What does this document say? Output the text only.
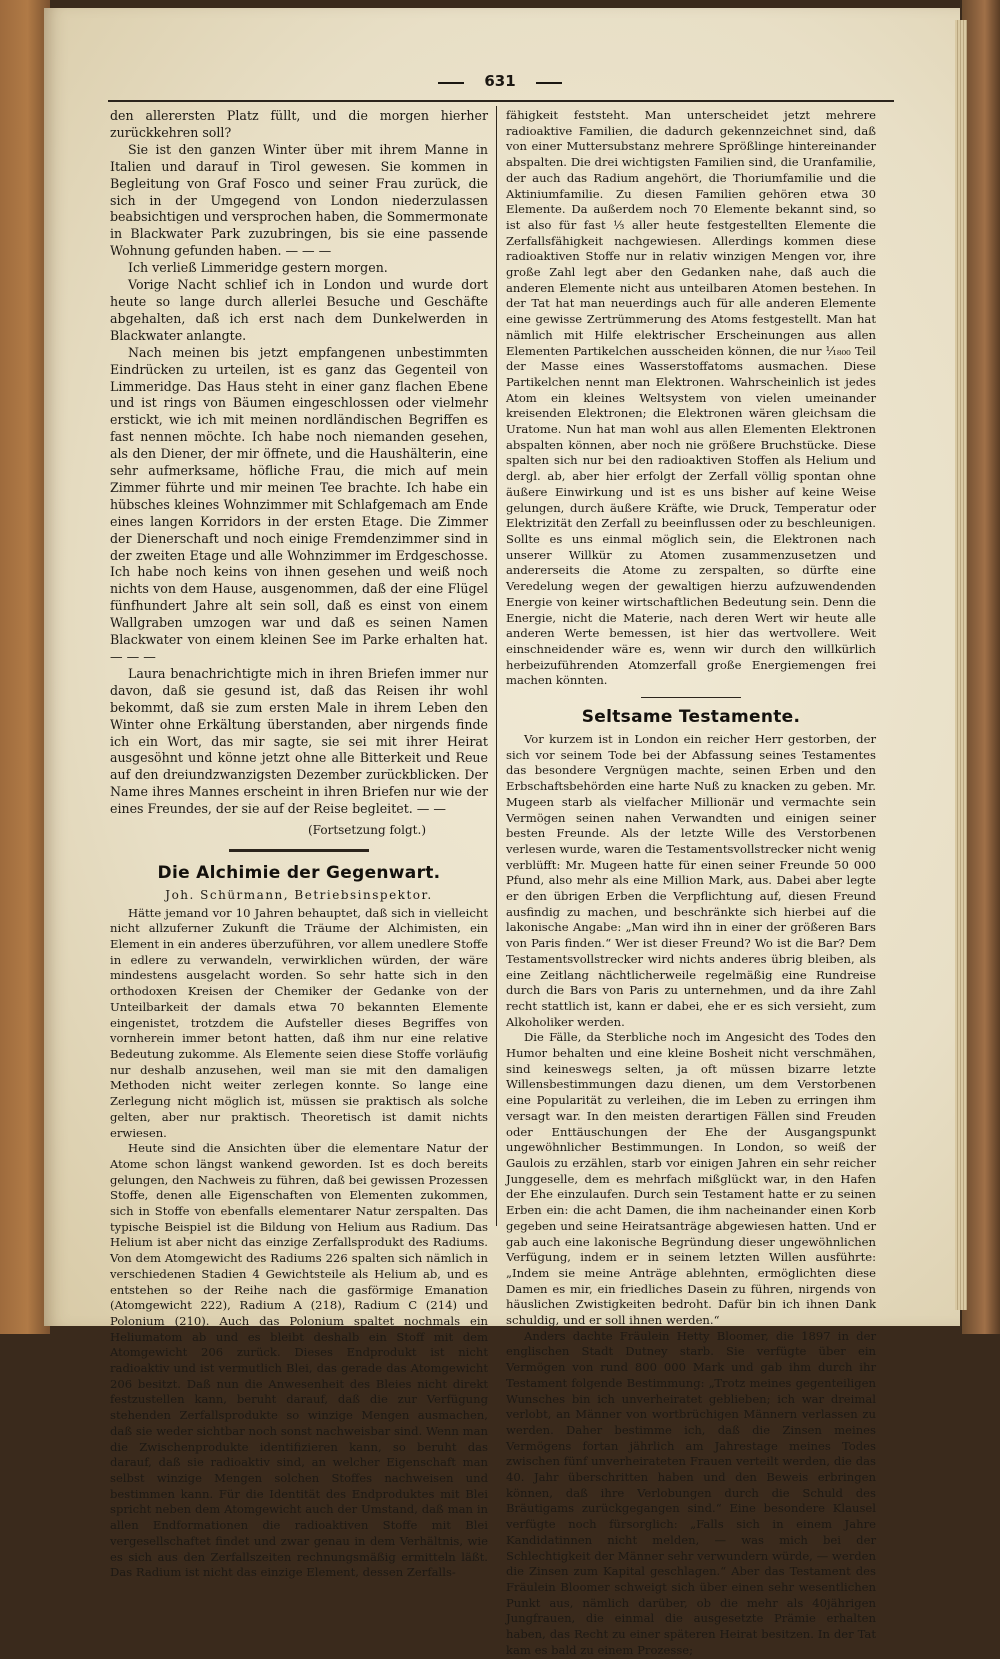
631

den allerersten Platz füllt, und die morgen hierher zurückkehren soll?

Sie ist den ganzen Winter über mit ihrem Manne in Italien und darauf in Tirol gewesen. Sie kommen in Begleitung von Graf Fosco und seiner Frau zurück, die sich in der Umgegend von London niederzulassen beabsichtigen und versprochen haben, die Sommermonate in Blackwater Park zuzubringen, bis sie eine passende Wohnung gefunden haben. — — —

Ich verließ Limmeridge gestern morgen.

Vorige Nacht schlief ich in London und wurde dort heute so lange durch allerlei Besuche und Geschäfte abgehalten, daß ich erst nach dem Dunkelwerden in Blackwater anlangte.

Nach meinen bis jetzt empfangenen unbestimmten Eindrücken zu urteilen, ist es ganz das Gegenteil von Limmeridge. Das Haus steht in einer ganz flachen Ebene und ist rings von Bäumen eingeschlossen oder vielmehr erstickt, wie ich mit meinen nordländischen Begriffen es fast nennen möchte. Ich habe noch niemanden gesehen, als den Diener, der mir öffnete, und die Haushälterin, eine sehr aufmerksame, höfliche Frau, die mich auf mein Zimmer führte und mir meinen Tee brachte. Ich habe ein hübsches kleines Wohnzimmer mit Schlafgemach am Ende eines langen Korridors in der ersten Etage. Die Zimmer der Dienerschaft und noch einige Fremdenzimmer sind in der zweiten Etage und alle Wohnzimmer im Erdgeschosse. Ich habe noch keins von ihnen gesehen und weiß noch nichts von dem Hause, ausgenommen, daß der eine Flügel fünfhundert Jahre alt sein soll, daß es einst von einem Wallgraben umzogen war und daß es seinen Namen Blackwater von einem kleinen See im Parke erhalten hat. — — —

Laura benachrichtigte mich in ihren Briefen immer nur davon, daß sie gesund ist, daß das Reisen ihr wohl bekommt, daß sie zum ersten Male in ihrem Leben den Winter ohne Erkältung überstanden, aber nirgends finde ich ein Wort, das mir sagte, sie sei mit ihrer Heirat ausgesöhnt und könne jetzt ohne alle Bitterkeit und Reue auf den dreiundzwanzigsten Dezember zurückblicken. Der Name ihres Mannes erscheint in ihren Briefen nur wie der eines Freundes, der sie auf der Reise begleitet. — —

(Fortsetzung folgt.)

Die Alchimie der Gegenwart.

Joh. Schürmann, Betriebsinspektor.

Hätte jemand vor 10 Jahren behauptet, daß sich in vielleicht nicht allzuferner Zukunft die Träume der Alchimisten, ein Element in ein anderes überzuführen, vor allem unedlere Stoffe in edlere zu verwandeln, verwirklichen würden, der wäre mindestens ausgelacht worden. So sehr hatte sich in den orthodoxen Kreisen der Chemiker der Gedanke von der Unteilbarkeit der damals etwa 70 bekannten Elemente eingenistet, trotzdem die Aufsteller dieses Begriffes von vornherein immer betont hatten, daß ihm nur eine relative Bedeutung zukomme. Als Elemente seien diese Stoffe vorläufig nur deshalb anzusehen, weil man sie mit den damaligen Methoden nicht weiter zerlegen konnte. So lange eine Zerlegung nicht möglich ist, müssen sie praktisch als solche gelten, aber nur praktisch. Theoretisch ist damit nichts erwiesen.

Heute sind die Ansichten über die elementare Natur der Atome schon längst wankend geworden. Ist es doch bereits gelungen, den Nachweis zu führen, daß bei gewissen Prozessen Stoffe, denen alle Eigenschaften von Elementen zukommen, sich in Stoffe von ebenfalls elementarer Natur zerspalten. Das typische Beispiel ist die Bildung von Helium aus Radium. Das Helium ist aber nicht das einzige Zerfallsprodukt des Radiums. Von dem Atomgewicht des Radiums 226 spalten sich nämlich in verschiedenen Stadien 4 Gewichtsteile als Helium ab, und es entstehen so der Reihe nach die gasförmige Emanation (Atomgewicht 222), Radium A (218), Radium C (214) und Polonium (210). Auch das Polonium spaltet nochmals ein Heliumatom ab und es bleibt deshalb ein Stoff mit dem Atomgewicht 206 zurück. Dieses Endprodukt ist nicht radioaktiv und ist vermutlich Blei, das gerade das Atomgewicht 206 besitzt. Daß nun die Anwesenheit des Bleies nicht direkt festzustellen kann, beruht darauf, daß die zur Verfügung stehenden Zerfallsprodukte so winzige Mengen ausmachen, daß sie weder sichtbar noch sonst nachweisbar sind. Wenn man die Zwischenprodukte identifizieren kann, so beruht das darauf, daß sie radioaktiv sind, an welcher Eigenschaft man selbst winzige Mengen solchen Stoffes nachweisen und bestimmen kann. Für die Identität des Endproduktes mit Blei spricht neben dem Atomgewicht auch der Umstand, daß man in allen Endformationen die radioaktiven Stoffe mit Blei vergesellschaftet findet und zwar genau in dem Verhältnis, wie es sich aus den Zerfallszeiten rechnungsmäßig ermitteln läßt. Das Radium ist nicht das einzige Element, dessen Zerfalls-

fähigkeit feststeht. Man unterscheidet jetzt mehrere radioaktive Familien, die dadurch gekennzeichnet sind, daß von einer Muttersubstanz mehrere Sprößlinge hintereinander abspalten. Die drei wichtigsten Familien sind, die Uranfamilie, der auch das Radium angehört, die Thoriumfamilie und die Aktiniumfamilie. Zu diesen Familien gehören etwa 30 Elemente. Da außerdem noch 70 Elemente bekannt sind, so ist also für fast ⅓ aller heute festgestellten Elemente die Zerfallsfähigkeit nachgewiesen. Allerdings kommen diese radioaktiven Stoffe nur in relativ winzigen Mengen vor, ihre große Zahl legt aber den Gedanken nahe, daß auch die anderen Elemente nicht aus unteilbaren Atomen bestehen. In der Tat hat man neuerdings auch für alle anderen Elemente eine gewisse Zertrümmerung des Atoms festgestellt. Man hat nämlich mit Hilfe elektrischer Erscheinungen aus allen Elementen Partikelchen ausscheiden können, die nur ¹⁄₁₈₀₀ Teil der Masse eines Wasserstoffatoms ausmachen. Diese Partikelchen nennt man Elektronen. Wahrscheinlich ist jedes Atom ein kleines Weltsystem von vielen umeinander kreisenden Elektronen; die Elektronen wären gleichsam die Uratome. Nun hat man wohl aus allen Elementen Elektronen abspalten können, aber noch nie größere Bruchstücke. Diese spalten sich nur bei den radioaktiven Stoffen als Helium und dergl. ab, aber hier erfolgt der Zerfall völlig spontan ohne äußere Einwirkung und ist es uns bisher auf keine Weise gelungen, durch äußere Kräfte, wie Druck, Temperatur oder Elektrizität den Zerfall zu beeinflussen oder zu beschleunigen. Sollte es uns einmal möglich sein, die Elektronen nach unserer Willkür zu Atomen zusammenzusetzen und andererseits die Atome zu zerspalten, so dürfte eine Veredelung wegen der gewaltigen hierzu aufzuwendenden Energie von keiner wirtschaftlichen Bedeutung sein. Denn die Energie, nicht die Materie, nach deren Wert wir heute alle anderen Werte bemessen, ist hier das wertvollere. Weit einschneidender wäre es, wenn wir durch den willkürlich herbeizuführenden Atomzerfall große Energiemengen frei machen könnten.

Seltsame Testamente.

Vor kurzem ist in London ein reicher Herr gestorben, der sich vor seinem Tode bei der Abfassung seines Testamentes das besondere Vergnügen machte, seinen Erben und den Erbschaftsbehörden eine harte Nuß zu knacken zu geben. Mr. Mugeen starb als vielfacher Millionär und vermachte sein Vermögen seinen nahen Verwandten und einigen seiner besten Freunde. Als der letzte Wille des Verstorbenen verlesen wurde, waren die Testamentsvollstrecker nicht wenig verblüfft: Mr. Mugeen hatte für einen seiner Freunde 50 000 Pfund, also mehr als eine Million Mark, aus. Dabei aber legte er den übrigen Erben die Verpflichtung auf, diesen Freund ausfindig zu machen, und beschränkte sich hierbei auf die lakonische Angabe: „Man wird ihn in einer der größeren Bars von Paris finden.“ Wer ist dieser Freund? Wo ist die Bar? Dem Testamentsvollstrecker wird nichts anderes übrig bleiben, als eine Zeitlang nächtlicherweile regelmäßig eine Rundreise durch die Bars von Paris zu unternehmen, und da ihre Zahl recht stattlich ist, kann er dabei, ehe er es sich versieht, zum Alkoholiker werden.

Die Fälle, da Sterbliche noch im Angesicht des Todes den Humor behalten und eine kleine Bosheit nicht verschmähen, sind keineswegs selten, ja oft müssen bizarre letzte Willensbestimmungen dazu dienen, um dem Verstorbenen eine Popularität zu verleihen, die im Leben zu erringen ihm versagt war. In den meisten derartigen Fällen sind Freuden oder Enttäuschungen der Ehe der Ausgangspunkt ungewöhnlicher Bestimmungen. In London, so weiß der Gaulois zu erzählen, starb vor einigen Jahren ein sehr reicher Junggeselle, dem es mehrfach mißglückt war, in den Hafen der Ehe einzulaufen. Durch sein Testament hatte er zu seinen Erben ein: die acht Damen, die ihm nacheinander einen Korb gegeben und seine Heiratsanträge abgewiesen hatten. Und er gab auch eine lakonische Begründung dieser ungewöhnlichen Verfügung, indem er in seinem letzten Willen ausführte: „Indem sie meine Anträge ablehnten, ermöglichten diese Damen es mir, ein friedliches Dasein zu führen, nirgends von häuslichen Zwistigkeiten bedroht. Dafür bin ich ihnen Dank schuldig, und er soll ihnen werden.“

Anders dachte Fräulein Hetty Bloomer, die 1897 in der englischen Stadt Dutney starb. Sie verfügte über ein Vermögen von rund 800 000 Mark und gab ihm durch ihr Testament folgende Bestimmung: „Trotz meines gegenteiligen Wunsches bin ich unverheiratet geblieben; ich war dreimal verlobt, an Männer von wortbrüchigen Männern verlassen zu werden. Daher bestimme ich, daß die Zinsen meines Vermögens fortan jährlich am Jahrestage meines Todes zwischen fünf unverheirateten Frauen verteilt werden, die das 40. Jahr überschritten haben und den Beweis erbringen können, daß ihre Verlobungen durch die Schuld des Bräutigams zurückgegangen sind.“ Eine besondere Klausel verfügte noch fürsorglich: „Falls sich in einem Jahre Kandidatinnen nicht melden, — was mich bei der Schlechtigkeit der Männer sehr verwundern würde, — werden die Zinsen zum Kapital geschlagen.“ Aber das Testament des Fräulein Bloomer schweigt sich über einen sehr wesentlichen Punkt aus, nämlich darüber, ob die mehr als 40jährigen Jungfrauen, die einmal die ausgesetzte Prämie erhalten haben, das Recht zu einer späteren Heirat besitzen. In der Tat kam es bald zu einem Prozesse;
